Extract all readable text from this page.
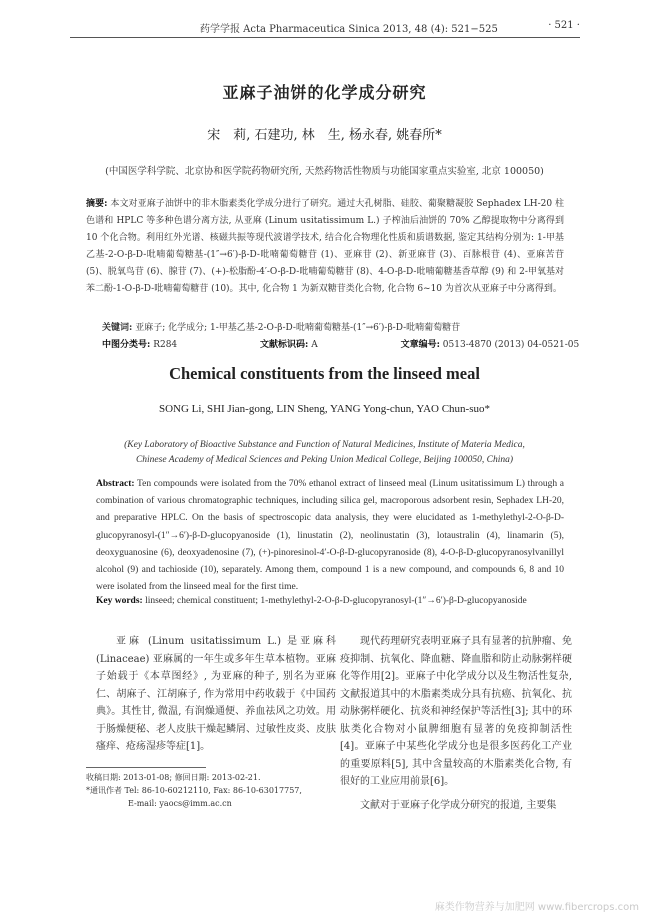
药学学报 Acta Pharmaceutica Sinica 2013, 48 (4): 521−525	· 521 ·
亚麻子油饼的化学成分研究
宋　莉, 石建功, 林　生, 杨永春, 姚春所*
(中国医学科学院、北京协和医学院药物研究所, 天然药物活性物质与功能国家重点实验室, 北京 100050)
摘要: 本文对亚麻子油饼中的非木脂素类化学成分进行了研究。通过大孔树脂、硅胶、葡聚糖凝胶 Sephadex LH-20 柱色谱和 HPLC 等多种色谱分离方法, 从亚麻 (Linum usitatissimum L.) 子榨油后油饼的 70% 乙醇提取物中分离得到 10 个化合物。利用红外光谱、核磁共振等现代波谱学技术, 结合化合物理化性质和质谱数据, 鉴定其结构分别为: 1-甲基乙基-2-O-β-D-吡喃葡萄糖基-(1″→6′)-β-D-吡喃葡萄糖苷 (1)、亚麻苷 (2)、新亚麻苷 (3)、百脉根苷 (4)、亚麻苦苷 (5)、脱氧鸟苷 (6)、腺苷 (7)、(+)-松脂酚-4′-O-β-D-吡喃葡萄糖苷 (8)、4-O-β-D-吡喃葡糖基香草醇 (9) 和 2-甲氧基对苯二酚-1-O-β-D-吡喃葡萄糖苷 (10)。其中, 化合物 1 为新双糖苷类化合物, 化合物 6~10 为首次从亚麻子中分离得到。
关键词: 亚麻子; 化学成分; 1-甲基乙基-2-O-β-D-吡喃葡萄糖基-(1″→6′)-β-D-吡喃葡萄糖苷
中图分类号: R284	文献标识码: A	文章编号: 0513-4870 (2013) 04-0521-05
Chemical constituents from the linseed meal
SONG Li, SHI Jian-gong, LIN Sheng, YANG Yong-chun, YAO Chun-suo*
(Key Laboratory of Bioactive Substance and Function of Natural Medicines, Institute of Materia Medica,
Chinese Academy of Medical Sciences and Peking Union Medical College, Beijing 100050, China)
Abstract: Ten compounds were isolated from the 70% ethanol extract of linseed meal (Linum usitatissimum L) through a combination of various chromatographic techniques, including silica gel, macroporous adsorbent resin, Sephadex LH-20, and preparative HPLC. On the basis of spectroscopic data analysis, they were elucidated as 1-methylethyl-2-O-β-D-glucopyranosyl-(1″→6′)-β-D-glucopyanoside (1), linustatin (2), neolinustatin (3), lotaustralin (4), linamarin (5), deoxyguanosine (6), deoxyadenosine (7), (+)-pinoresinol-4′-O-β-D-glucopyranoside (8), 4-O-β-D-glucopyranosylvanillyl alcohol (9) and tachioside (10), separately. Among them, compound 1 is a new compound, and compounds 6, 8 and 10 were isolated from the linseed meal for the first time.
Key words: linseed; chemical constituent; 1-methylethyl-2-O-β-D-glucopyranosyl-(1″→6′)-β-D-glucopyanoside

亚麻 (Linum usitatissimum L.) 是亚麻科 (Linaceae) 亚麻属的一年生或多年生草本植物。亚麻子始载于《本草图经》, 为亚麻的种子, 别名为亚麻仁、胡麻子、江胡麻子, 作为常用中药收载于《中国药典》。其性甘, 微温, 有润燥通便、养血祛风之功效。用于肠燥便秘、老人皮肤干燥起鳞屑、过敏性皮炎、皮肤瘙痒、疮疡湿疹等症[1]。

现代药理研究表明亚麻子具有显著的抗肿瘤、免疫抑制、抗氧化、降血糖、降血脂和防止动脉粥样硬化等作用[2]。亚麻子中化学成分以及生物活性复杂, 文献报道其中的木脂素类成分具有抗癌、抗氧化、抗动脉粥样硬化、抗炎和神经保护等活性[3]; 其中的环肽类化合物对小鼠脾细胞有显著的免疫抑制活性[4]。亚麻子中某些化学成分也是很多医药化工产业的重要原料[5], 其中含量较高的木脂素类化合物, 有很好的工业应用前景[6]。

文献对于亚麻子化学成分研究的报道, 主要集

收稿日期: 2013-01-08; 修回日期: 2013-02-21.
*通讯作者 Tel: 86-10-60212110, Fax: 86-10-63017757,
E-mail: yaocs@imm.ac.cn
麻类作物营养与加肥网 www.fibercrops.com
